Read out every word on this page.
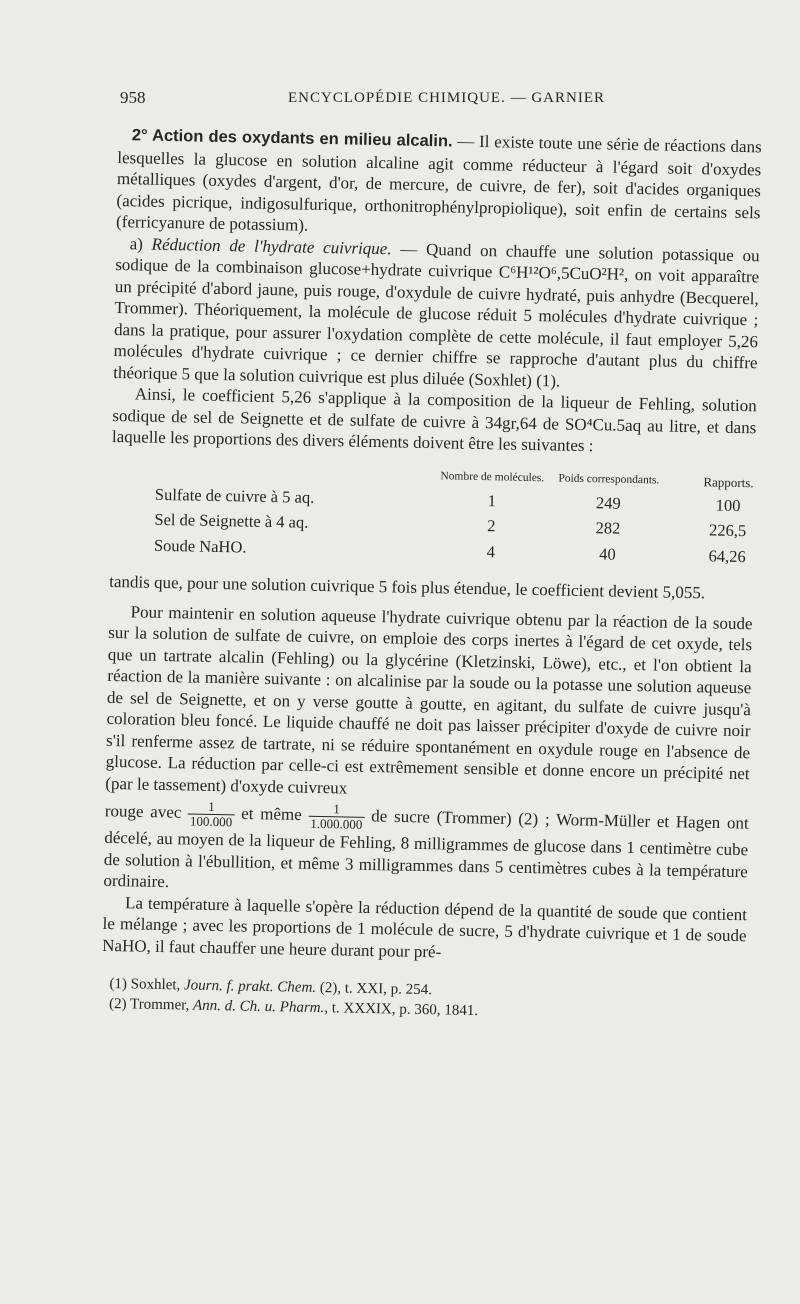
958	ENCYCLOPÉDIE CHIMIQUE. — GARNIER

2° Action des oxydants en milieu alcalin. — Il existe toute une série de réactions dans lesquelles la glucose en solution alcaline agit comme réducteur à l'égard soit d'oxydes métalliques (oxydes d'argent, d'or, de mercure, de cuivre, de fer), soit d'acides organiques (acides picrique, indigosulfurique, orthonitrophénylpropiolique), soit enfin de certains sels (ferricyanure de potassium).

a) Réduction de l'hydrate cuivrique. — Quand on chauffe une solution potassique ou sodique de la combinaison glucose+hydrate cuivrique C⁶H¹²O⁶,5CuO²H², on voit apparaître un précipité d'abord jaune, puis rouge, d'oxydule de cuivre hydraté, puis anhydre (Becquerel, Trommer). Théoriquement, la molécule de glucose réduit 5 molécules d'hydrate cuivrique ; dans la pratique, pour assurer l'oxydation complète de cette molécule, il faut employer 5,26 molécules d'hydrate cuivrique ; ce dernier chiffre se rapproche d'autant plus du chiffre théorique 5 que la solution cuivrique est plus diluée (Soxhlet) (1).

Ainsi, le coefficient 5,26 s'applique à la composition de la liqueur de Fehling, solution sodique de sel de Seignette et de sulfate de cuivre à 34gr,64 de SO⁴Cu.5aq au litre, et dans laquelle les proportions des divers éléments doivent être les suivantes :

	Nombre de molécules.	Poids correspondants.	Rapports.
Sulfate de cuivre à 5 aq.	1	249	100
Sel de Seignette à 4 aq.	2	282	226,5
Soude NaHO.	4	40	64,26

tandis que, pour une solution cuivrique 5 fois plus étendue, le coefficient devient 5,055.

Pour maintenir en solution aqueuse l'hydrate cuivrique obtenu par la réaction de la soude sur la solution de sulfate de cuivre, on emploie des corps inertes à l'égard de cet oxyde, tels que un tartrate alcalin (Fehling) ou la glycérine (Kletzinski, Löwe), etc., et l'on obtient la réaction de la manière suivante : on alcalinise par la soude ou la potasse une solution aqueuse de sel de Seignette, et on y verse goutte à goutte, en agitant, du sulfate de cuivre jusqu'à coloration bleu foncé. Le liquide chauffé ne doit pas laisser précipiter d'oxyde de cuivre noir s'il renferme assez de tartrate, ni se réduire spontanément en oxydule rouge en l'absence de glucose. La réduction par celle-ci est extrêmement sensible et donne encore un précipité net (par le tassement) d'oxyde cuivreux

rouge avec $\frac{1}{100.000}$ et même $\frac{1}{1.000.000}$ de sucre (Trommer) (2) ; Worm-Müller et Hagen ont décelé, au moyen de la liqueur de Fehling, 8 milligrammes de glucose dans 1 centimètre cube de solution à l'ébullition, et même 3 milligrammes dans 5 centimètres cubes à la température ordinaire.

La température à laquelle s'opère la réduction dépend de la quantité de soude que contient le mélange ; avec les proportions de 1 molécule de sucre, 5 d'hydrate cuivrique et 1 de soude NaHO, il faut chauffer une heure durant pour pré-

(1) Soxhlet, Journ. f. prakt. Chem. (2), t. XXI, p. 254.
(2) Trommer, Ann. d. Ch. u. Pharm., t. XXXIX, p. 360, 1841.
